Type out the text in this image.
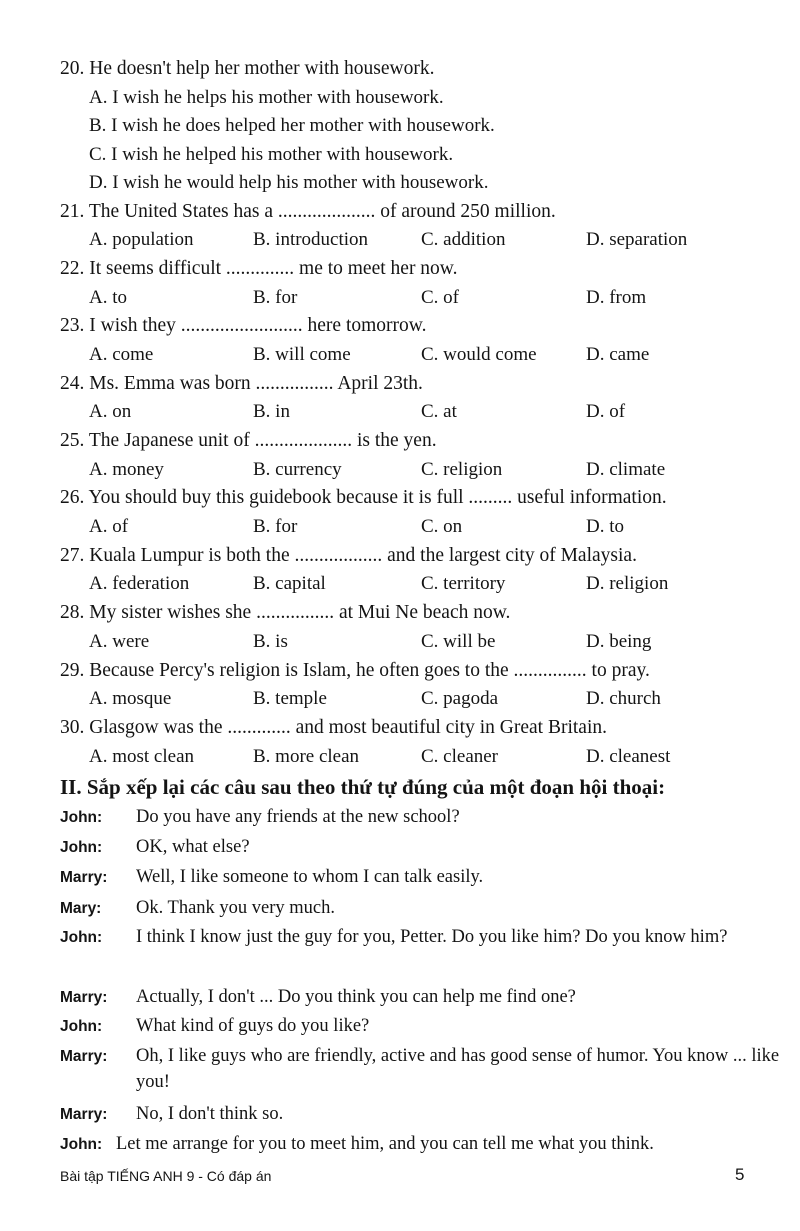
20. He doesn't help her mother with housework.
A. I wish he helps his mother with housework.
B. I wish he does helped her mother with housework.
C. I wish he helped his mother with housework.
D. I wish he would help his mother with housework.
21. The United States has a .................... of around 250 million.
A. population	B. introduction	C. addition	D. separation
22. It seems difficult .............. me to meet her now.
A. to	B. for	C. of	D. from
23. I wish they ......................... here tomorrow.
A. come	B. will come	C. would come	D. came
24. Ms. Emma was born ................ April 23th.
A. on	B. in	C. at	D. of
25. The Japanese unit of .................... is the yen.
A. money	B. currency	C. religion	D. climate
26. You should buy this guidebook because it is full ......... useful information.
A. of	B. for	C. on	D. to
27. Kuala Lumpur is both the .................. and the largest city of Malaysia.
A. federation	B. capital	C. territory	D. religion
28. My sister wishes she ................ at Mui Ne beach now.
A. were	B. is	C. will be	D. being
29. Because Percy's religion is Islam, he often goes to the ............... to pray.
A. mosque	B. temple	C. pagoda	D. church
30. Glasgow was the ............. and most beautiful city in Great Britain.
A. most clean	B. more clean	C. cleaner	D. cleanest
II. Sắp xếp lại các câu sau theo thứ tự đúng của một đoạn hội thoại:
John: Do you have any friends at the new school?
John: OK, what else?
Marry: Well, I like someone to whom I can talk easily.
Mary: Ok. Thank you very much.
John: I think I know just the guy for you, Petter. Do you like him? Do you know him?
Marry: Actually, I don't ... Do you think you can help me find one?
John: What kind of guys do you like?
Marry: Oh, I like guys who are friendly, active and has good sense of humor. You know ... like you!
Marry: No, I don't think so.
John: Let me arrange for you to meet him, and you can tell me what you think.
Bài tập TIẾNG ANH 9 - Có đáp án	5
